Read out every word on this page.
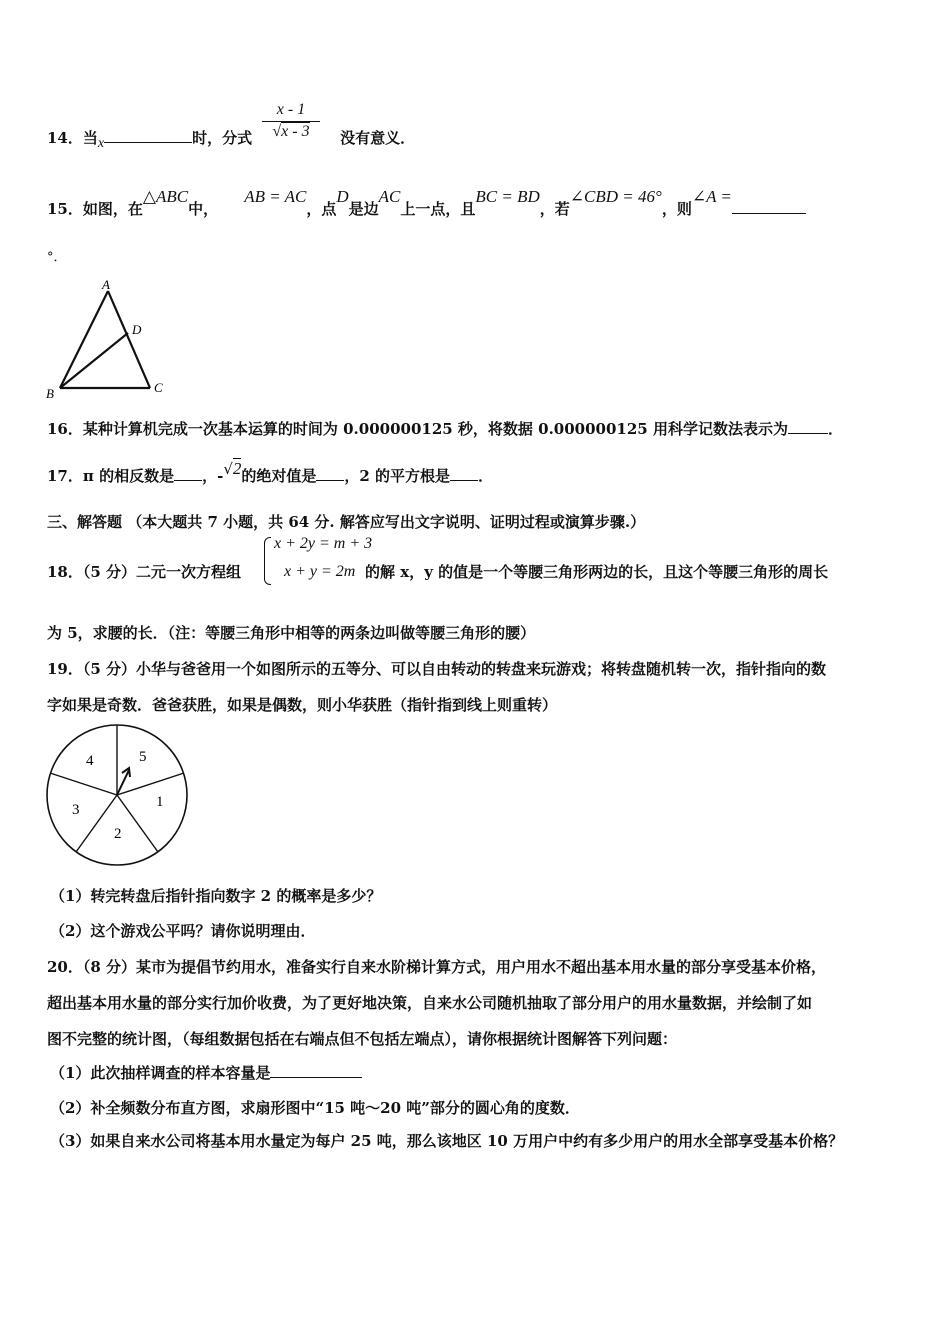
$\frac{x - 1}{√x - 3}$
14．当x	时，分式	没有意义．
15．如图，在△ABC中，     AB = AC，点D是边AC上一点，且BC = BD，若∠CBD = 46°，则∠A =
°．
A
B	C
D
16．某种计算机完成一次基本运算的时间为 0.000000125 秒，将数据 0.000000125 用科学记数法表示为	．
17．π 的相反数是 ，-√2的绝对值是 ，2 的平方根是 ．
三、解答题 （本大题共 7 小题，共 64 分. 解答应写出文字说明、证明过程或演算步骤.）
x + 2y = m + 3
x + y = 2m
18．（5 分）二元一次方程组	的解 x，y 的值是一个等腰三角形两边的长，且这个等腰三角形的周长
为 5，求腰的长．（注：等腰三角形中相等的两条边叫做等腰三角形的腰）
19．（5 分）小华与爸爸用一个如图所示的五等分、可以自由转动的转盘来玩游戏；将转盘随机转一次，指针指向的数
字如果是奇数．爸爸获胜，如果是偶数，则小华获胜（指针指到线上则重转）
5
1
2
3
4
（1）转完转盘后指针指向数字 2 的概率是多少？
（2）这个游戏公平吗？请你说明理由．
20．（8 分）某市为提倡节约用水，准备实行自来水阶梯计算方式，用户用水不超出基本用水量的部分享受基本价格，
超出基本用水量的部分实行加价收费，为了更好地决策，自来水公司随机抽取了部分用户的用水量数据，并绘制了如
图不完整的统计图，（每组数据包括在右端点但不包括左端点），请你根据统计图解答下列问题：
（1）此次抽样调查的样本容量是
（2）补全频数分布直方图，求扇形图中“15 吨～20 吨”部分的圆心角的度数．
（3）如果自来水公司将基本用水量定为每户 25 吨，那么该地区 10 万用户中约有多少用户的用水全部享受基本价格？
